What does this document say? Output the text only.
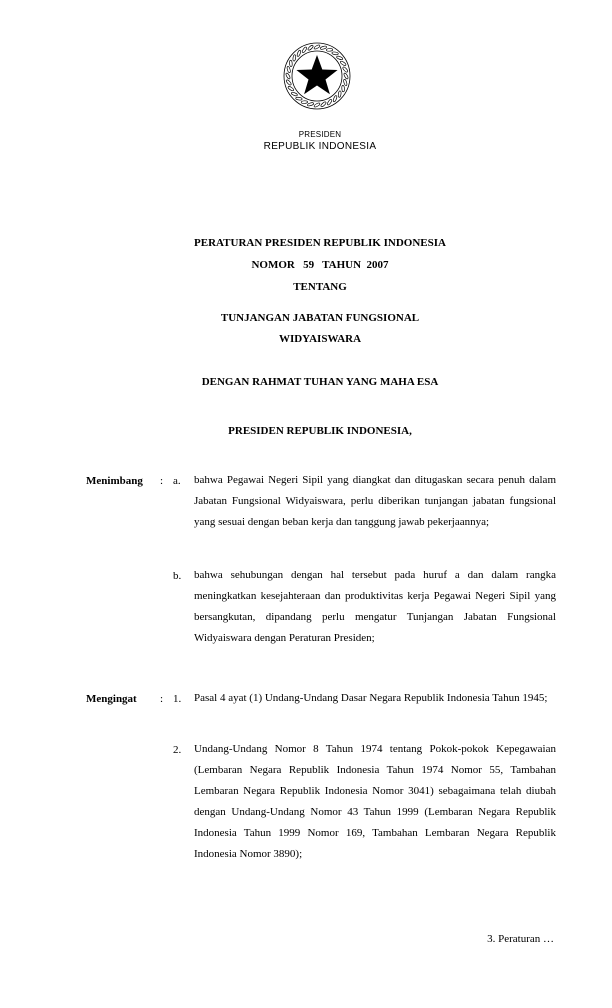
PRESIDEN
REPUBLIK INDONESIA
PERATURAN PRESIDEN REPUBLIK INDONESIA
NOMOR   59   TAHUN  2007
TENTANG
TUNJANGAN JABATAN FUNGSIONAL
WIDYAISWARA
DENGAN RAHMAT TUHAN YANG MAHA ESA
PRESIDEN REPUBLIK INDONESIA,
Menimbang : a. bahwa Pegawai Negeri Sipil yang diangkat dan ditugaskan secara penuh dalam Jabatan Fungsional Widyaiswara, perlu diberikan tunjangan jabatan fungsional yang sesuai dengan beban kerja dan tanggung jawab pekerjaannya;
b. bahwa sehubungan dengan hal tersebut pada huruf a dan dalam rangka meningkatkan kesejahteraan dan produktivitas kerja Pegawai Negeri Sipil yang bersangkutan, dipandang perlu mengatur Tunjangan Jabatan Fungsional Widyaiswara dengan Peraturan Presiden;
Mengingat : 1. Pasal 4 ayat (1) Undang-Undang Dasar Negara Republik Indonesia Tahun 1945;
2. Undang-Undang Nomor 8 Tahun 1974 tentang Pokok-pokok Kepegawaian (Lembaran Negara Republik Indonesia Tahun 1974 Nomor 55, Tambahan Lembaran Negara Republik Indonesia Nomor 3041) sebagaimana telah diubah dengan Undang-Undang Nomor 43 Tahun 1999 (Lembaran Negara Republik Indonesia Tahun 1999 Nomor 169, Tambahan Lembaran Negara Republik Indonesia Nomor 3890);
3. Peraturan …
